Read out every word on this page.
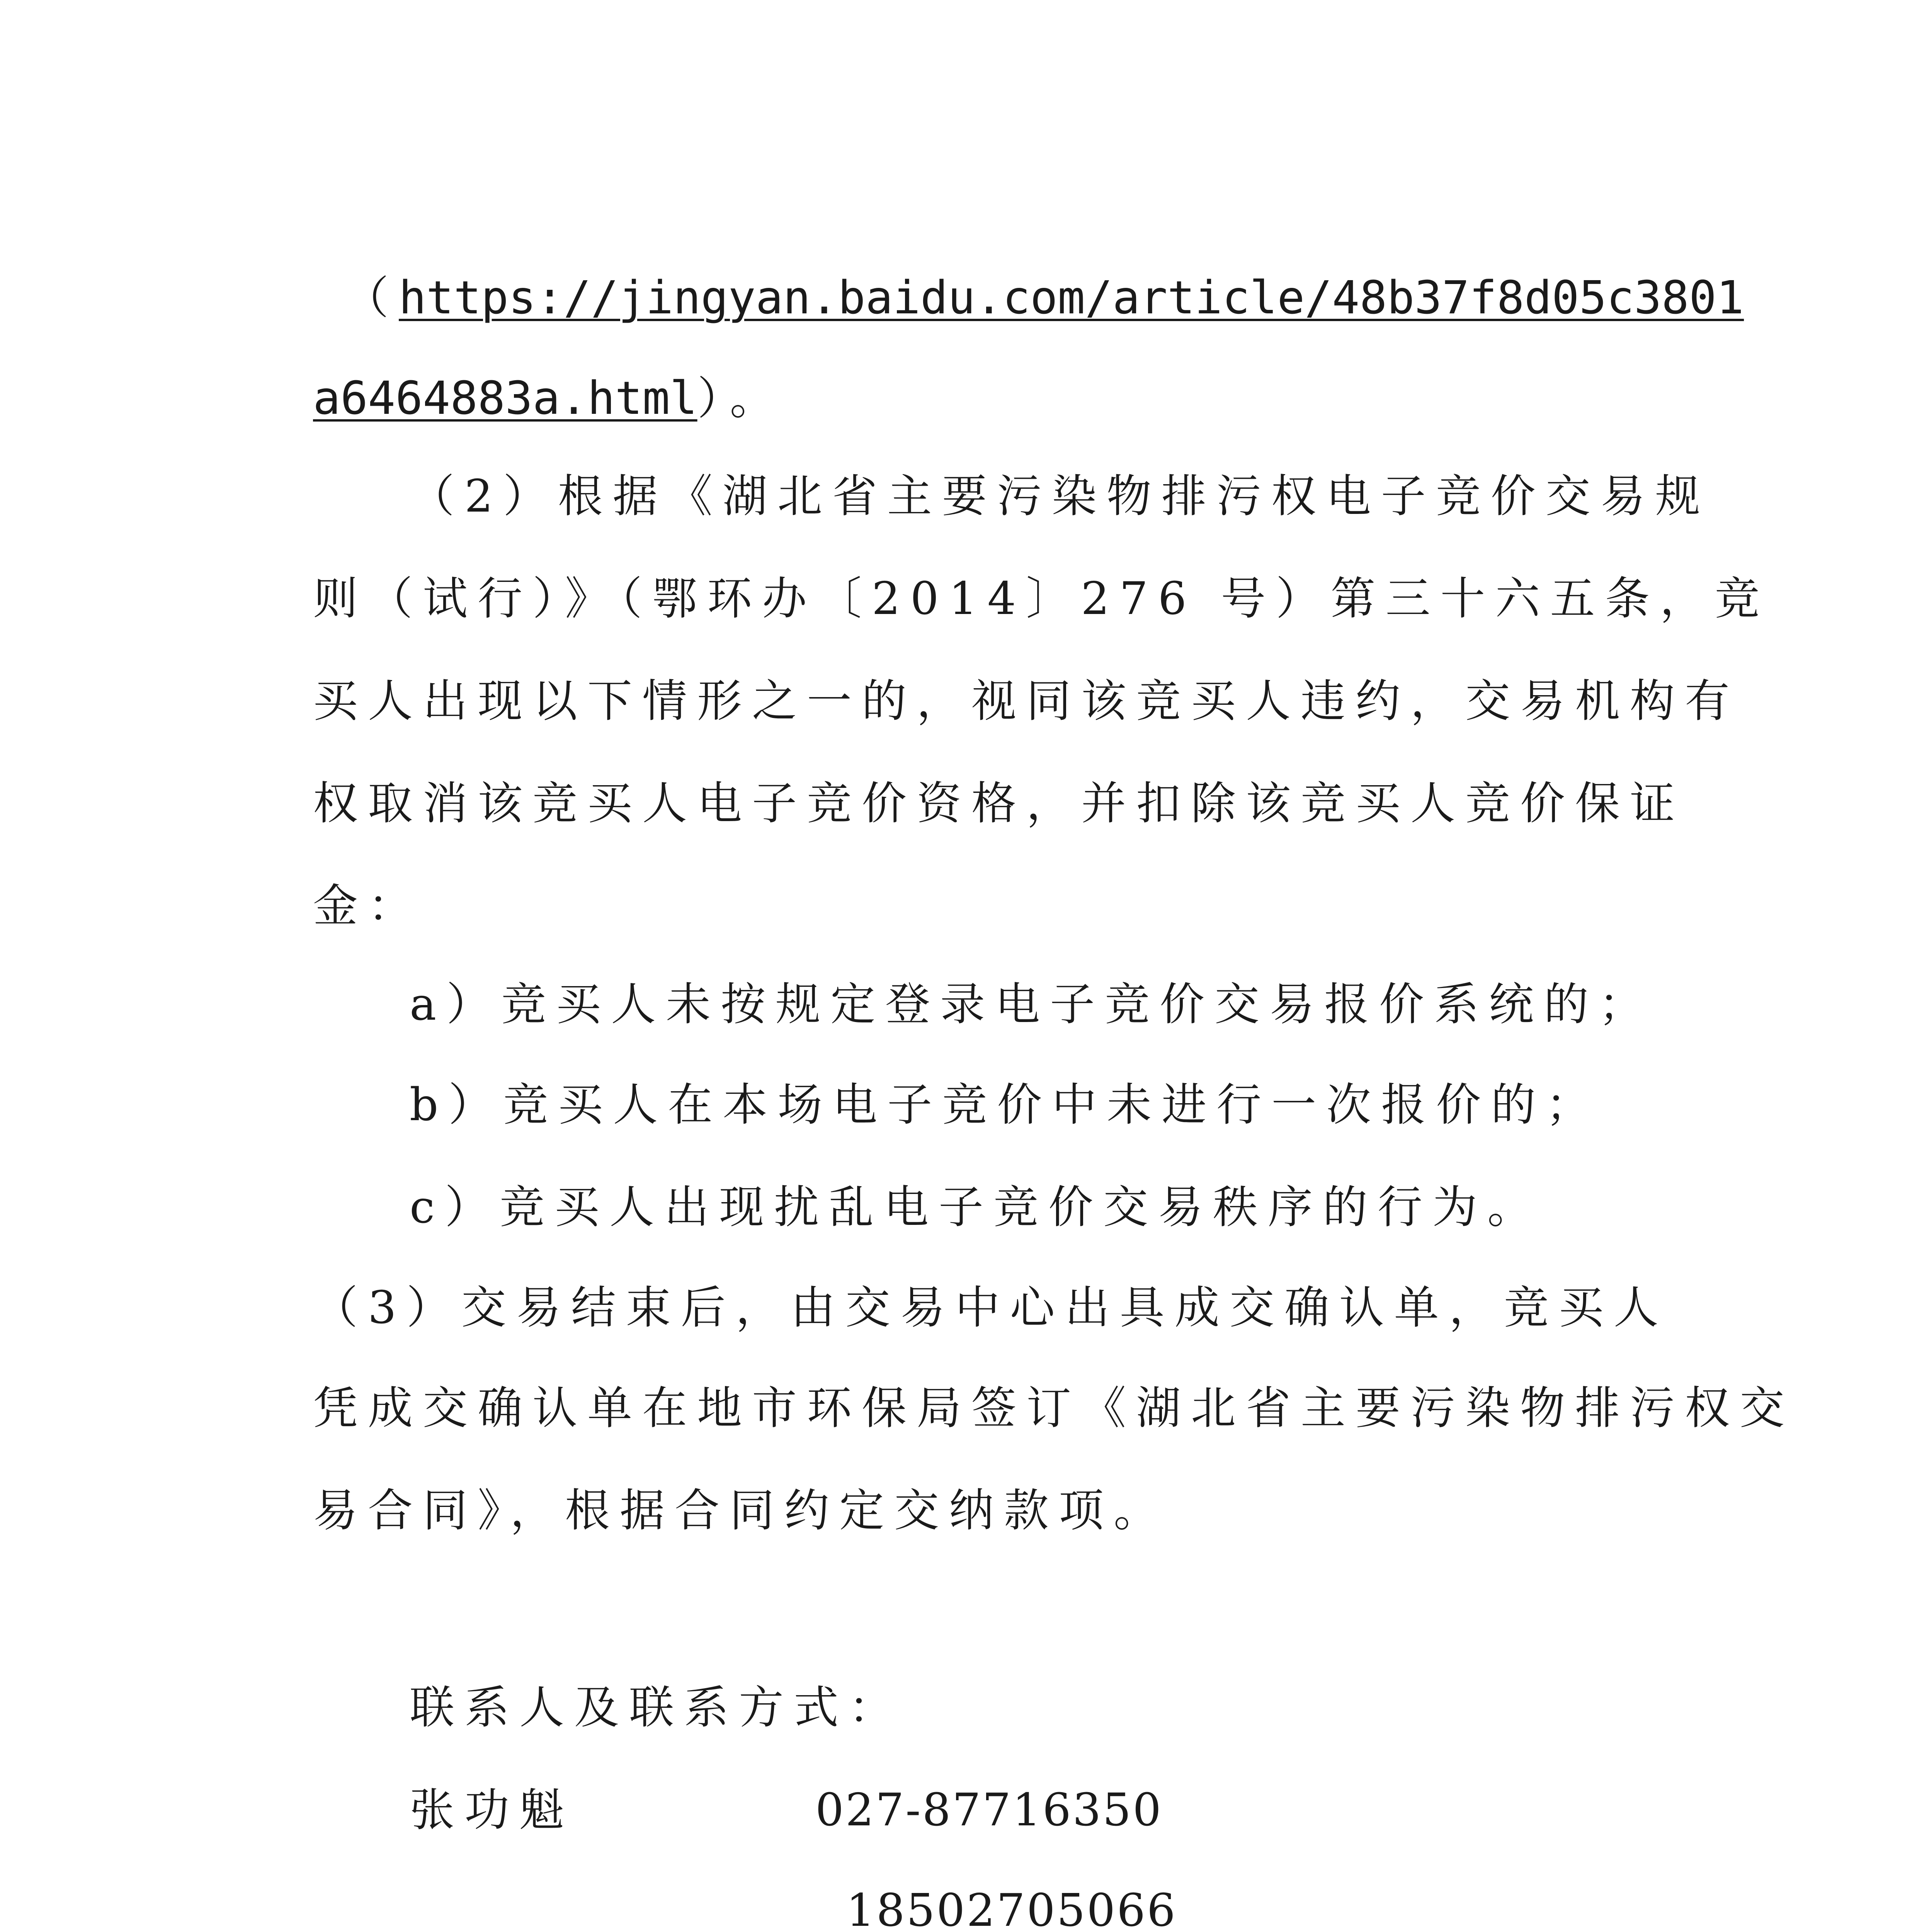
（https://jingyan.baidu.com/article/48b37f8d05c3801
a6464883a.html）。
（2）根据《湖北省主要污染物排污权电子竞价交易规
则（试行）》（鄂环办〔2014〕276 号）第三十六五条，竞
买人出现以下情形之一的，视同该竞买人违约，交易机构有
权取消该竞买人电子竞价资格，并扣除该竞买人竞价保证
金：
a）竞买人未按规定登录电子竞价交易报价系统的；
b）竞买人在本场电子竞价中未进行一次报价的；
c）竞买人出现扰乱电子竞价交易秩序的行为。
（3）交易结束后，由交易中心出具成交确认单，竞买人
凭成交确认单在地市环保局签订《湖北省主要污染物排污权交
易合同》，根据合同约定交纳款项。
联系人及联系方式：
张功魁	027-87716350
18502705066
